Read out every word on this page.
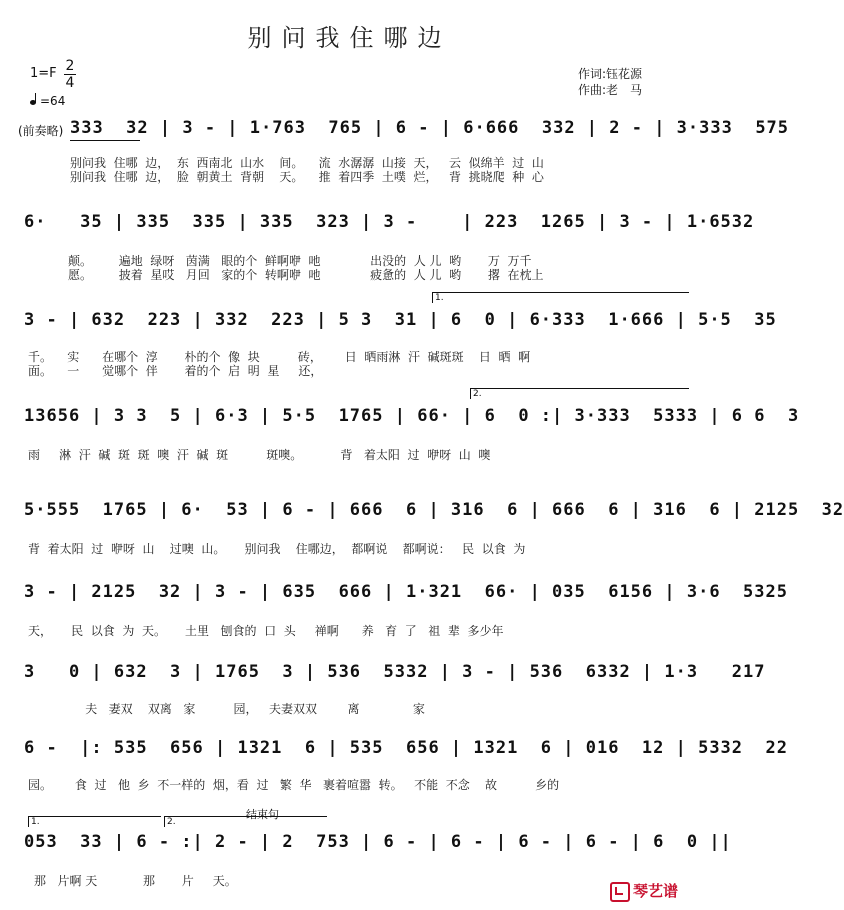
别问我住哪边
1=F 2
4
=64
作词:钰花源
作曲:老　马
(前奏略) 333  32 | 3 - | 1·763  765 | 6 - | 6·666  332 | 2 - | 3·333  575
别问我  住哪  边，  东  西南北  山水    间。    流  水潺潺  山接  天，   云  似绵羊  过  山
别问我  住哪  边，  脸  朝黄土  背朝    天。    推  着四季  土噗  烂，   背  挑晓爬  种  心
6·   35 | 335  335 | 335  323 | 3 -    | 223  1265 | 3 - | 1·6532
颠。       遍地  绿呀   茵满   眼的个  鲜啊咿  吔             出没的  人 儿  哟       万  万千
愿。       披着  星哎   月回   家的个  转啊咿  吔             疲惫的  人 儿  哟       撂  在枕上
1.
3 - | 632  223 | 332  223 | 5 3  31 | 6  0 | 6·333  1·666 | 5·5  35
千。    实      在哪个  淳       朴的个  像  块          砖，      日  晒雨淋  汗  碱斑斑    日  晒  啊
面。    一      觉哪个  伴       着的个  启  明  星     还，
2.
13656 | 3 3  5 | 6·3 | 5·5  1765 | 66· | 6  0 :| 3·333  5333 | 6 6  3
雨     淋  汗  碱  斑  斑  噢  汗  碱  斑          斑噢。          背   着太阳  过  咿呀  山  噢
5·555  1765 | 6·  53 | 6 - | 666  6 | 316  6 | 666  6 | 316  6 | 2125  32
背  着太阳  过  咿呀  山    过噢  山。     别问我    住哪边，  都啊说    都啊说：   民  以食  为
3 - | 2125  32 | 3 - | 635  666 | 1·321  66· | 035  6156 | 3·6  5325
天，     民  以食  为  天。     土里   刨食的  口  头     禅啊      养   育  了   祖  辈  多少年
3   0 | 632  3 | 1765  3 | 536  5332 | 3 - | 536  6332 | 1·3   217
夫   妻双    双离   家          园，   夫妻双双        离              家
6 -  |: 535  656 | 1321  6 | 535  656 | 1321  6 | 016  12 | 5332  22
园。      食  过   他  乡  不一样的  烟，看  过   繁  华   裹着喧嚣  转。   不能  不念    故          乡的
1.	2.
结束句
053  33 | 6 - :| 2 - | 2  753 | 6 - | 6 - | 6 - | 6 - | 6  0 ||
那   片啊 天            那       片     天。
琴艺谱
